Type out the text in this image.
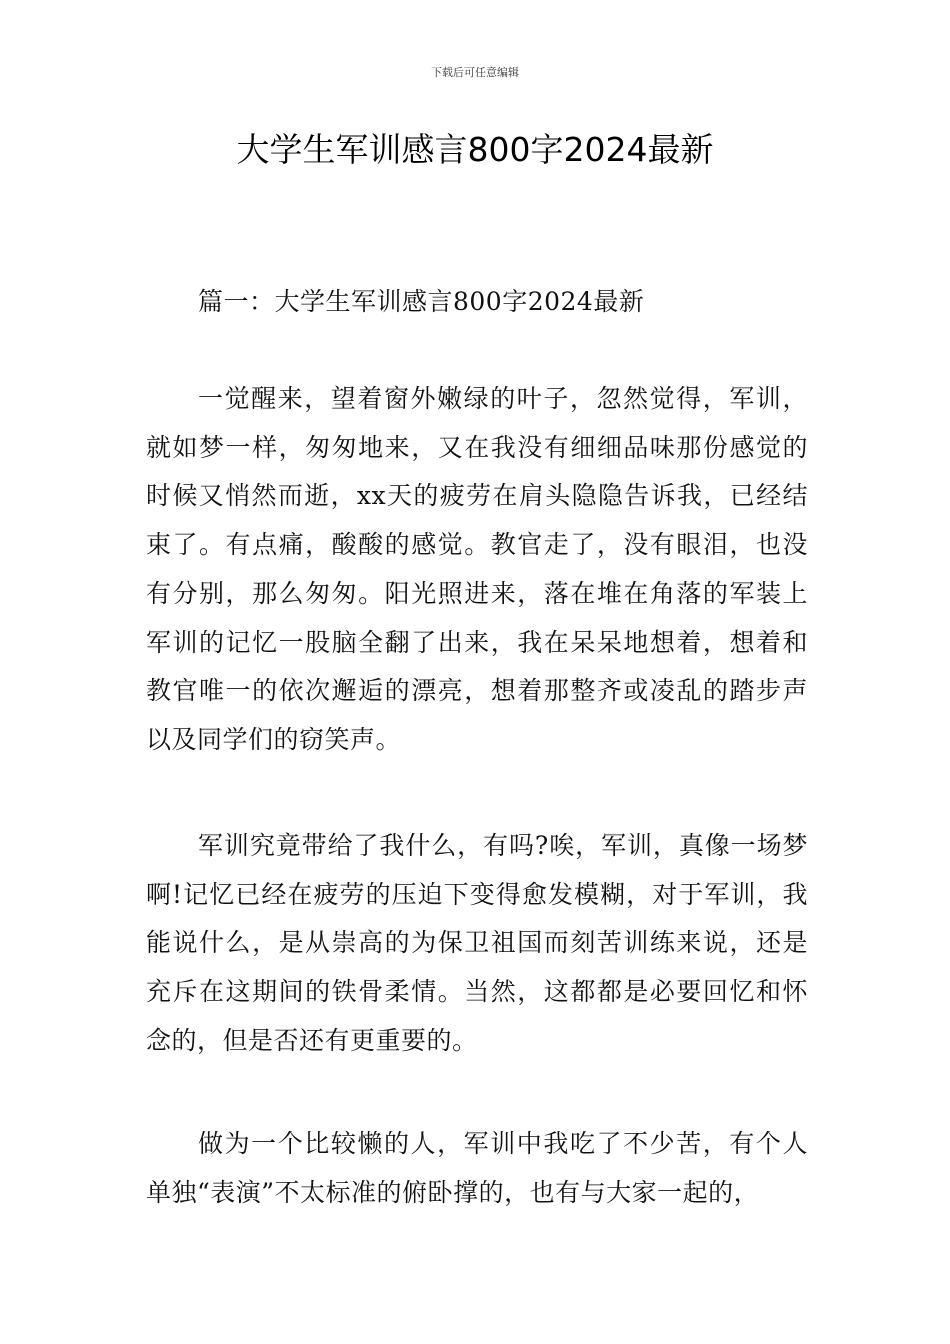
下载后可任意编辑
大学生军训感言800字2024最新

篇一：大学生军训感言800字2024最新

一觉醒来，望着窗外嫩绿的叶子，忽然觉得，军训，就如梦一样，匆匆地来，又在我没有细细品味那份感觉的时候又悄然而逝，xx天的疲劳在肩头隐隐告诉我，已经结束了。有点痛，酸酸的感觉。教官走了，没有眼泪，也没有分别，那么匆匆。阳光照进来，落在堆在角落的军装上军训的记忆一股脑全翻了出来，我在呆呆地想着，想着和教官唯一的依次邂逅的漂亮，想着那整齐或凌乱的踏步声以及同学们的窃笑声。

军训究竟带给了我什么，有吗?唉，军训，真像一场梦啊!记忆已经在疲劳的压迫下变得愈发模糊，对于军训，我能说什么，是从崇高的为保卫祖国而刻苦训练来说，还是充斥在这期间的铁骨柔情。当然，这都都是必要回忆和怀念的，但是否还有更重要的。

做为一个比较懒的人，军训中我吃了不少苦，有个人单独“表演”不太标准的俯卧撑的，也有与大家一起的，
